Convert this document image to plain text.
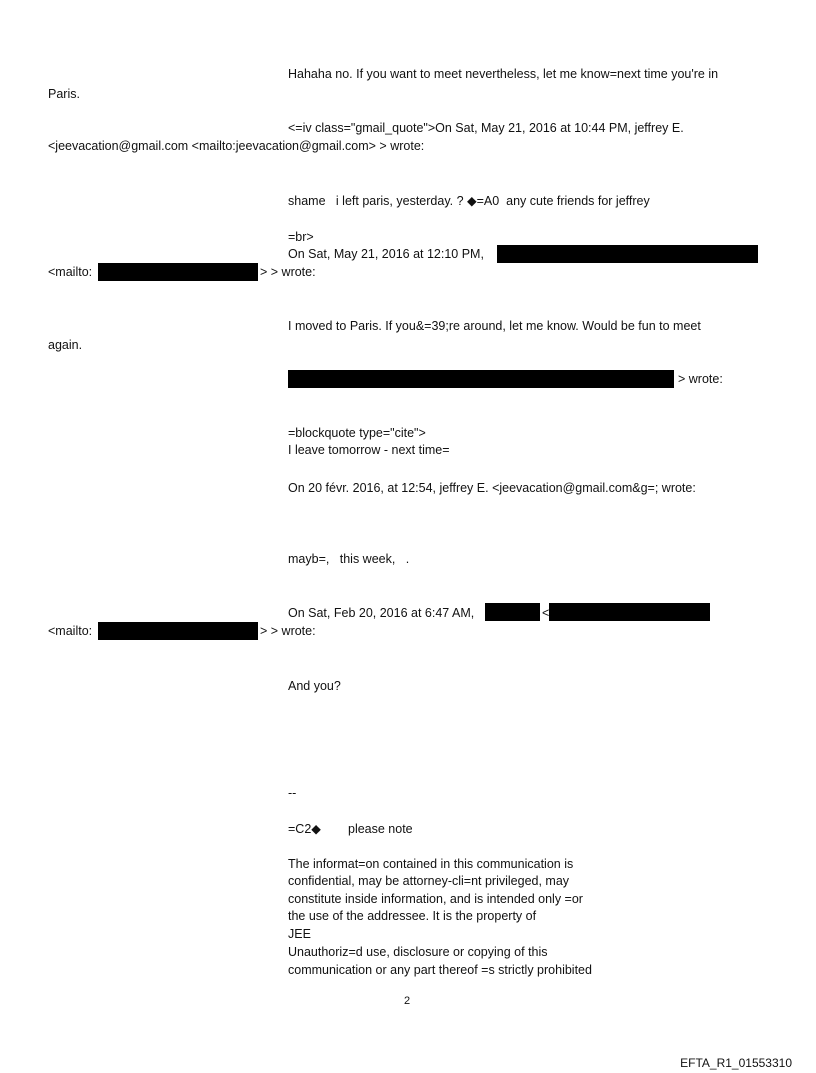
Hahaha no. If you want to meet nevertheless, let me know=next time you're in
Paris.
<=iv class="gmail_quote">On Sat, May 21, 2016 at 10:44 PM, jeffrey E.
<jeevacation@gmail.com <mailto:jeevacation@gmail.com> > wrote:
shame   i left paris, yesterday. ? ◆=A0  any cute friends for jeffrey
=br>
On Sat, May 21, 2016 at 12:10 PM,
<mailto:	> > wrote:
I moved to Paris. If you&=39;re around, let me know. Would be fun to meet
again.
> wrote:
=blockquote type="cite">
I leave tomorrow - next time=
On 20 févr. 2016, at 12:54, jeffrey E. <jeevacation@gmail.com&g=; wrote:
mayb=,   this week,   .
On Sat, Feb 20, 2016 at 6:47 AM,	<
<mailto:	> > wrote:
And you?
--
=C2◆ please note
The informat=on contained in this communication is
confidential, may be attorney-cli=nt privileged, may
constitute inside information, and is intended only =or
the use of the addressee. It is the property of
JEE
Unauthoriz=d use, disclosure or copying of this
communication or any part thereof =s strictly prohibited
2
EFTA_R1_01553310
